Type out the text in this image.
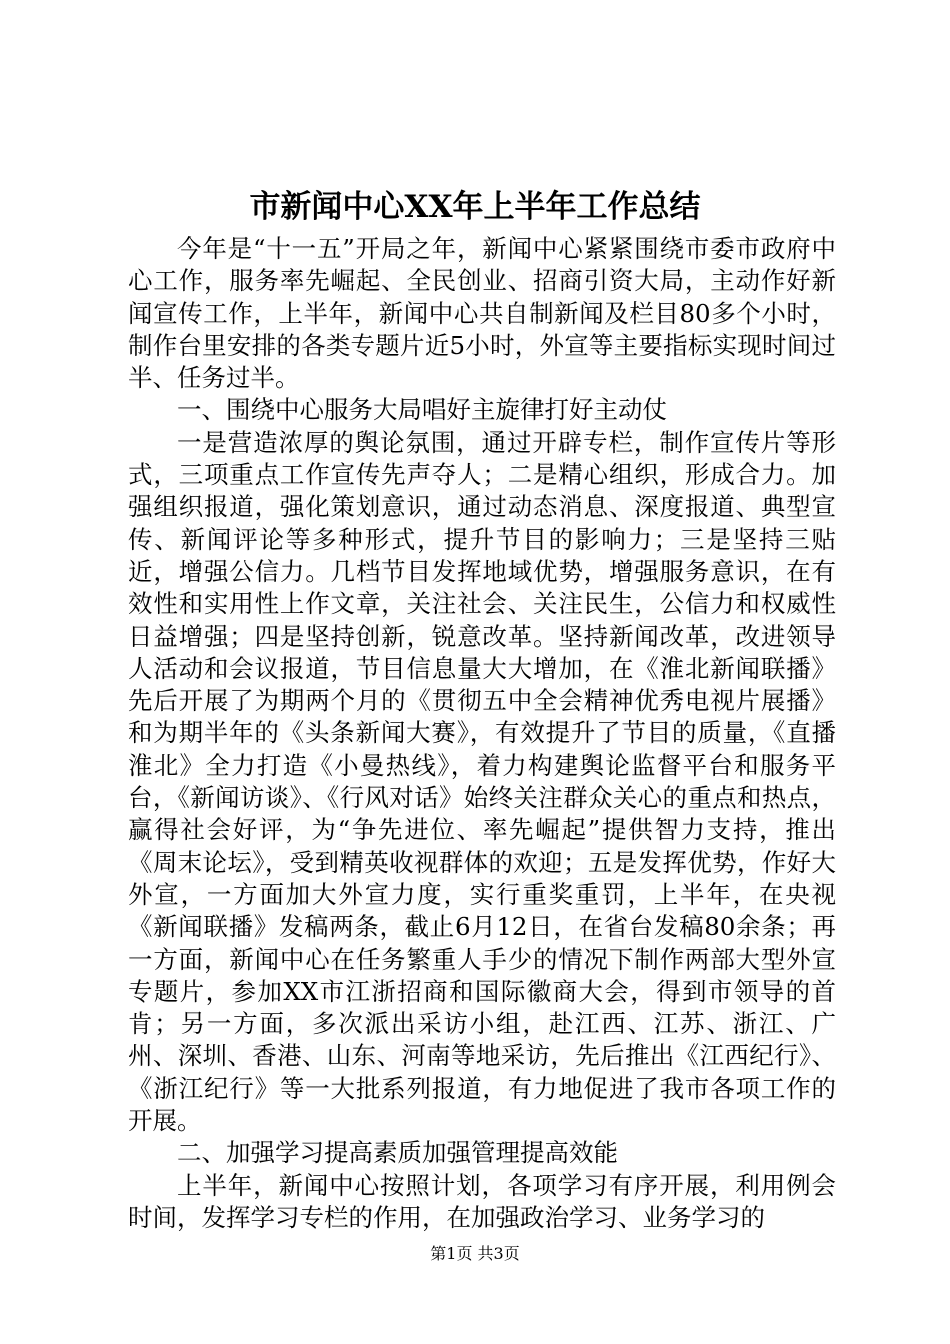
市新闻中心XX年上半年工作总结

今年是“十一五”开局之年，新闻中心紧紧围绕市委市政府中心工作，服务率先崛起、全民创业、招商引资大局，主动作好新闻宣传工作，上半年，新闻中心共自制新闻及栏目80多个小时，制作台里安排的各类专题片近5小时，外宣等主要指标实现时间过半、任务过半。

一、围绕中心服务大局唱好主旋律打好主动仗

一是营造浓厚的舆论氛围，通过开辟专栏，制作宣传片等形式，三项重点工作宣传先声夺人；二是精心组织，形成合力。加强组织报道，强化策划意识，通过动态消息、深度报道、典型宣传、新闻评论等多种形式，提升节目的影响力；三是坚持三贴近，增强公信力。几档节目发挥地域优势，增强服务意识，在有效性和实用性上作文章，关注社会、关注民生，公信力和权威性日益增强；四是坚持创新，锐意改革。坚持新闻改革，改进领导人活动和会议报道，节目信息量大大增加，在《淮北新闻联播》先后开展了为期两个月的《贯彻五中全会精神优秀电视片展播》和为期半年的《头条新闻大赛》，有效提升了节目的质量，《直播淮北》全力打造《小曼热线》，着力构建舆论监督平台和服务平台，《新闻访谈》、《行风对话》始终关注群众关心的重点和热点，赢得社会好评，为“争先进位、率先崛起”提供智力支持，推出《周末论坛》，受到精英收视群体的欢迎；五是发挥优势，作好大外宣，一方面加大外宣力度，实行重奖重罚，上半年，在央视《新闻联播》发稿两条，截止6月12日，在省台发稿80余条；再一方面，新闻中心在任务繁重人手少的情况下制作两部大型外宣专题片，参加XX市江浙招商和国际徽商大会，得到市领导的首肯；另一方面，多次派出采访小组，赴江西、江苏、浙江、广州、深圳、香港、山东、河南等地采访，先后推出《江西纪行》、《浙江纪行》等一大批系列报道，有力地促进了我市各项工作的开展。

二、加强学习提高素质加强管理提高效能

上半年，新闻中心按照计划，各项学习有序开展，利用例会时间，发挥学习专栏的作用，在加强政治学习、业务学习的

第1页 共3页
